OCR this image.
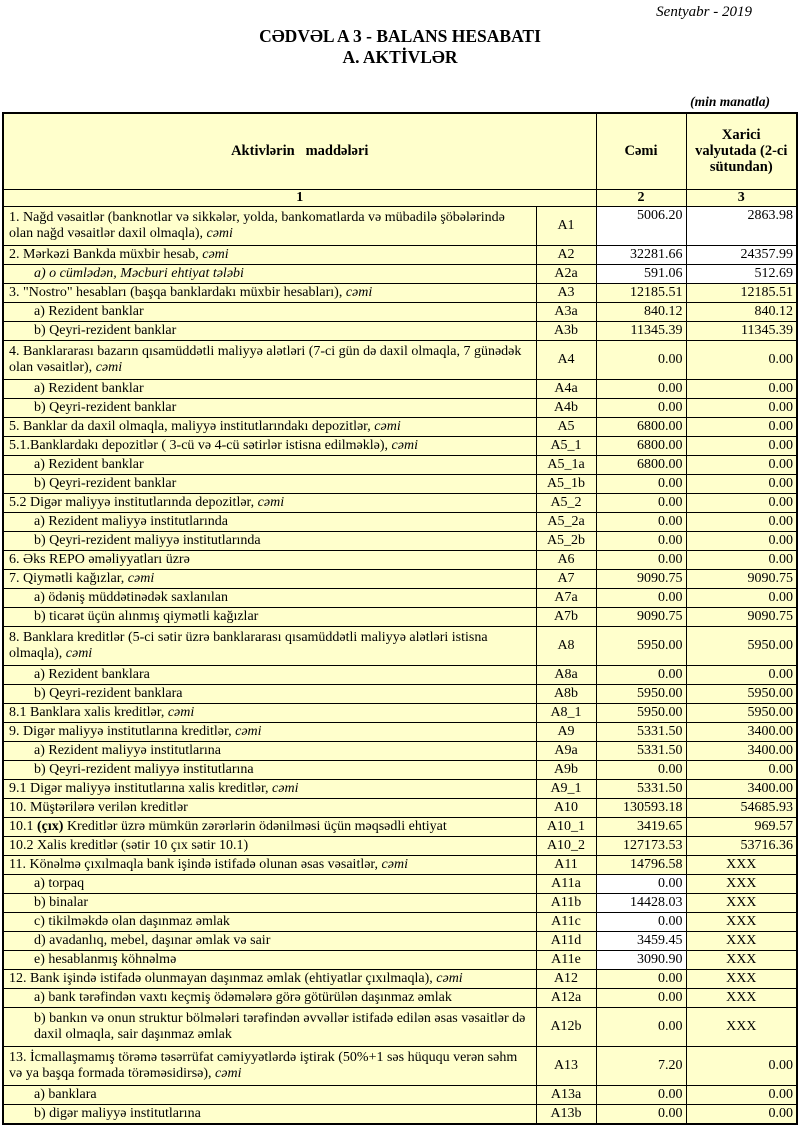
Sentyabr - 2019
CƏDVƏL A 3 - BALANS HESABATI
A. AKTİVLƏR
(min manatla)
Aktivlərin   maddələri		Cəmi	Xarici valyutada (2-ci sütundan)
1		2	3
1. Nağd vəsaitlər (banknotlar və sikkələr, yolda, bankomatlarda və mübadilə şöbələrində olan nağd vəsaitlər daxil olmaqla), cəmi	A1	5006.20	2863.98
2. Mərkəzi Bankda müxbir hesab, cəmi	A2	32281.66	24357.99
a) o cümlədən, Məcburi ehtiyat tələbi	A2a	591.06	512.69
3. "Nostro" hesabları (başqa banklardakı müxbir hesabları), cəmi	A3	12185.51	12185.51
a) Rezident banklar	A3a	840.12	840.12
b) Qeyri-rezident banklar	A3b	11345.39	11345.39
4. Banklararası bazarın qısamüddətli maliyyə alətləri (7-ci gün də daxil olmaqla, 7 günədək olan vəsaitlər), cəmi	A4	0.00	0.00
a) Rezident banklar	A4a	0.00	0.00
b) Qeyri-rezident banklar	A4b	0.00	0.00
5. Banklar da daxil olmaqla, maliyyə institutlarındakı depozitlər, cəmi	A5	6800.00	0.00
5.1.Banklardakı depozitlər ( 3-cü və 4-cü sətirlər istisna edilməklə), cəmi	A5_1	6800.00	0.00
a) Rezident banklar	A5_1a	6800.00	0.00
b) Qeyri-rezident banklar	A5_1b	0.00	0.00
5.2 Digər maliyyə institutlarında depozitlər, cəmi	A5_2	0.00	0.00
a) Rezident maliyyə institutlarında	A5_2a	0.00	0.00
b) Qeyri-rezident maliyyə institutlarında	A5_2b	0.00	0.00
6. Əks REPO əməliyyatları üzrə	A6	0.00	0.00
7. Qiymətli kağızlar, cəmi	A7	9090.75	9090.75
a) ödəniş müddətinədək saxlanılan	A7a	0.00	0.00
b) ticarət üçün alınmış qiymətli kağızlar	A7b	9090.75	9090.75
8. Banklara kreditlər (5-ci sətir üzrə banklararası qısamüddətli maliyyə alətləri istisna olmaqla), cəmi	A8	5950.00	5950.00
a) Rezident banklara	A8a	0.00	0.00
b) Qeyri-rezident banklara	A8b	5950.00	5950.00
8.1 Banklara xalis kreditlər, cəmi	A8_1	5950.00	5950.00
9. Digər maliyyə institutlarına kreditlər, cəmi	A9	5331.50	3400.00
a) Rezident maliyyə institutlarına	A9a	5331.50	3400.00
b) Qeyri-rezident maliyyə institutlarına	A9b	0.00	0.00
9.1 Digər maliyyə institutlarına xalis kreditlər, cəmi	A9_1	5331.50	3400.00
10. Müştərilərə verilən kreditlər	A10	130593.18	54685.93
10.1 (çıx) Kreditlər üzrə mümkün zərərlərin ödənilməsi üçün məqsədli ehtiyat	A10_1	3419.65	969.57
10.2 Xalis kreditlər (sətir 10 çıx sətir 10.1)	A10_2	127173.53	53716.36
11. Könəlmə çıxılmaqla bank işində istifadə olunan əsas vəsaitlər, cəmi	A11	14796.58	XXX
a) torpaq	A11a	0.00	XXX
b) binalar	A11b	14428.03	XXX
c) tikilməkdə olan daşınmaz əmlak	A11c	0.00	XXX
d) avadanlıq, mebel, daşınar əmlak və sair	A11d	3459.45	XXX
e) hesablanmış köhnəlmə	A11e	3090.90	XXX
12. Bank işində istifadə olunmayan daşınmaz əmlak (ehtiyatlar çıxılmaqla), cəmi	A12	0.00	XXX
a) bank tərəfindən vaxtı keçmiş ödəmələrə görə götürülən daşınmaz əmlak	A12a	0.00	XXX
b) bankın və onun struktur bölmələri tərəfindən əvvəllər istifadə edilən əsas vəsaitlər də daxil olmaqla, sair daşınmaz əmlak	A12b	0.00	XXX
13. İcmallaşmamış törəmə təsərrüfat cəmiyyətlərdə iştirak (50%+1 səs hüququ verən səhm və ya başqa formada törəməsidirsə), cəmi	A13	7.20	0.00
a) banklara	A13a	0.00	0.00
b) digər maliyyə institutlarına	A13b	0.00	0.00
